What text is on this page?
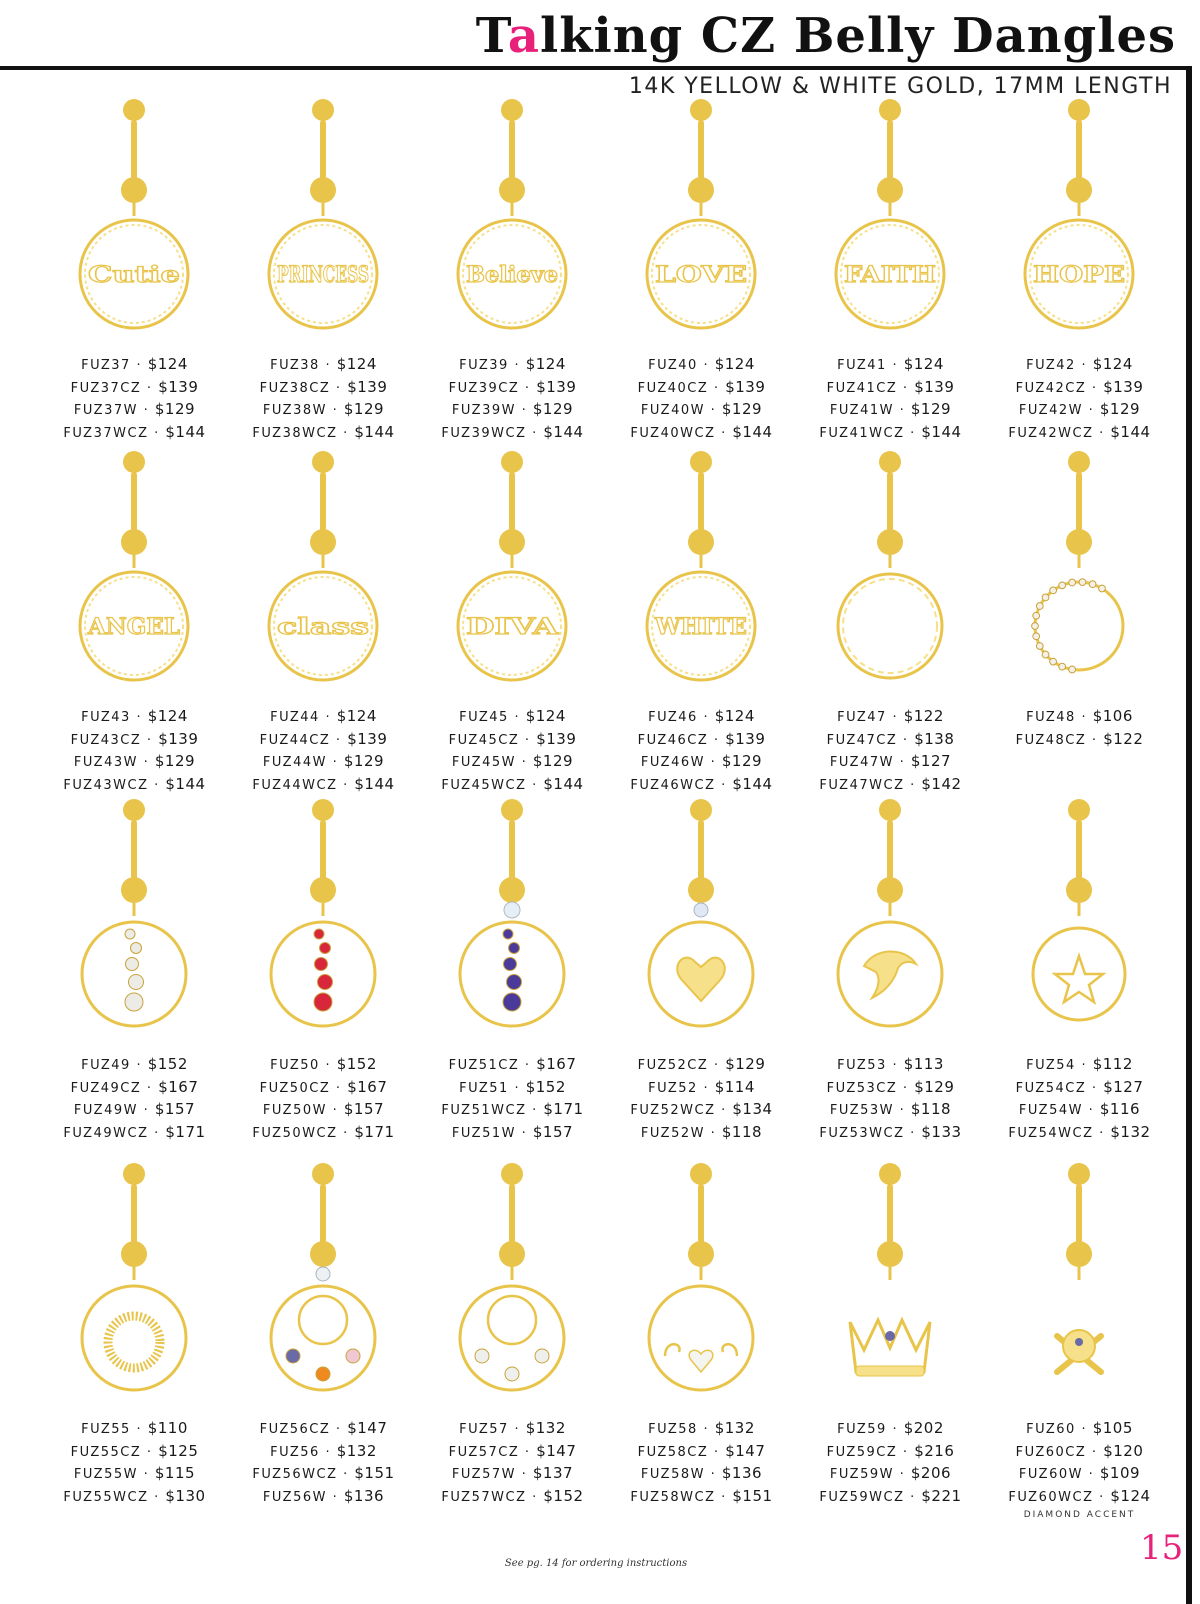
Talking CZ Belly Dangles
14K YELLOW & WHITE GOLD, 17MM LENGTH
Cutie
FUZ37 · $124
FUZ37CZ · $139
FUZ37W · $129
FUZ37WCZ · $144
PRINCESS
FUZ38 · $124
FUZ38CZ · $139
FUZ38W · $129
FUZ38WCZ · $144
Believe
FUZ39 · $124
FUZ39CZ · $139
FUZ39W · $129
FUZ39WCZ · $144
LOVE
FUZ40 · $124
FUZ40CZ · $139
FUZ40W · $129
FUZ40WCZ · $144
FAITH
FUZ41 · $124
FUZ41CZ · $139
FUZ41W · $129
FUZ41WCZ · $144
HOPE
FUZ42 · $124
FUZ42CZ · $139
FUZ42W · $129
FUZ42WCZ · $144
ANGEL
FUZ43 · $124
FUZ43CZ · $139
FUZ43W · $129
FUZ43WCZ · $144
class
FUZ44 · $124
FUZ44CZ · $139
FUZ44W · $129
FUZ44WCZ · $144
DIVA
FUZ45 · $124
FUZ45CZ · $139
FUZ45W · $129
FUZ45WCZ · $144
WHITE
FUZ46 · $124
FUZ46CZ · $139
FUZ46W · $129
FUZ46WCZ · $144
FUZ47 · $122
FUZ47CZ · $138
FUZ47W · $127
FUZ47WCZ · $142
FUZ48 · $106
FUZ48CZ · $122
FUZ49 · $152
FUZ49CZ · $167
FUZ49W · $157
FUZ49WCZ · $171
FUZ50 · $152
FUZ50CZ · $167
FUZ50W · $157
FUZ50WCZ · $171
FUZ51CZ · $167
FUZ51 · $152
FUZ51WCZ · $171
FUZ51W · $157
FUZ52CZ · $129
FUZ52 · $114
FUZ52WCZ · $134
FUZ52W · $118
FUZ53 · $113
FUZ53CZ · $129
FUZ53W · $118
FUZ53WCZ · $133
FUZ54 · $112
FUZ54CZ · $127
FUZ54W · $116
FUZ54WCZ · $132
FUZ55 · $110
FUZ55CZ · $125
FUZ55W · $115
FUZ55WCZ · $130
FUZ56CZ · $147
FUZ56 · $132
FUZ56WCZ · $151
FUZ56W · $136
FUZ57 · $132
FUZ57CZ · $147
FUZ57W · $137
FUZ57WCZ · $152
FUZ58 · $132
FUZ58CZ · $147
FUZ58W · $136
FUZ58WCZ · $151
FUZ59 · $202
FUZ59CZ · $216
FUZ59W · $206
FUZ59WCZ · $221
FUZ60 · $105
FUZ60CZ · $120
FUZ60W · $109
FUZ60WCZ · $124
DIAMOND ACCENT
See pg. 14 for ordering instructions	15
